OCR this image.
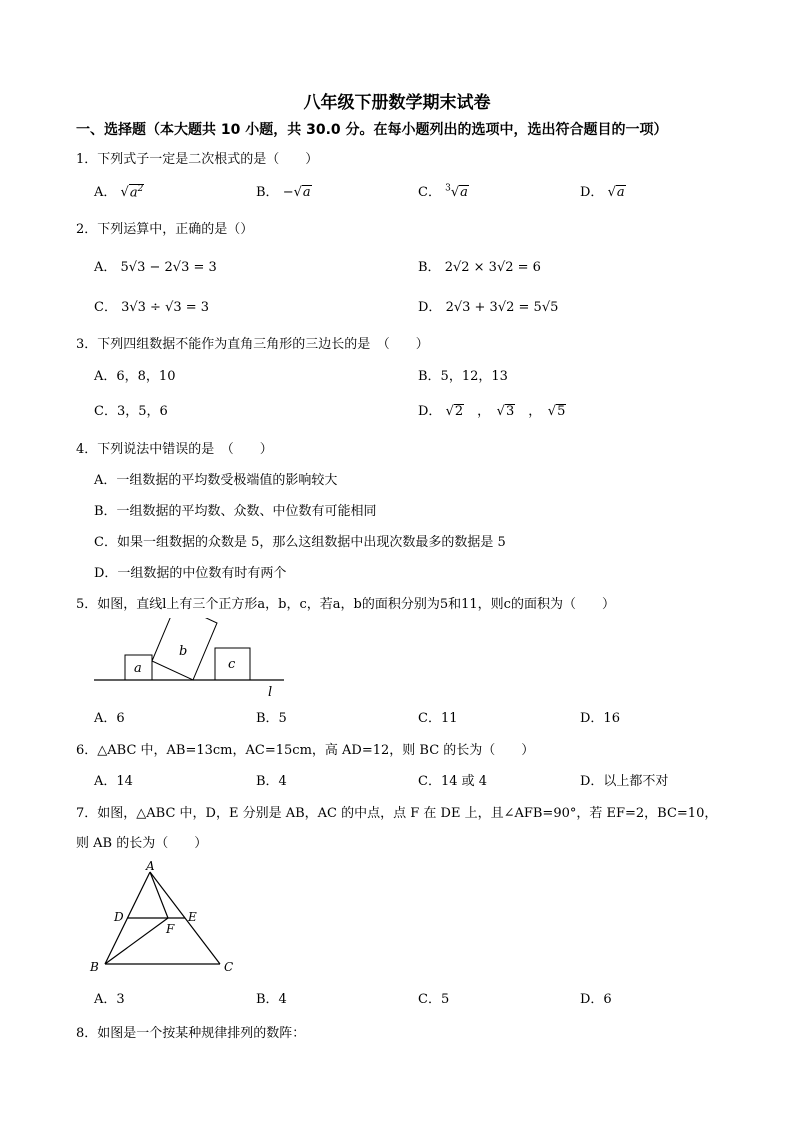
八年级下册数学期末试卷
一、选择题（本大题共 10 小题，共 30.0 分。在每小题列出的选项中，选出符合题目的一项）
1．下列式子一定是二次根式的是（　　）
A． $√a^2$	B． −√a	C． $^3$√a	D． √a
2．下列运算中，正确的是（）
A． 5√3 − 2√3 = 3	B． 2√2 × 3√2 = 6
C． 3√3 ÷ √3 = 3	D． 2√3 + 3√2 = 5√5
3．下列四组数据不能作为直角三角形的三边长的是　（　　）
A．6，8，10	B．5，12，13
C．3，5，6	D． √2　，　√3　，　√5
4．下列说法中错误的是　（　　）
A．一组数据的平均数受极端值的影响较大
B．一组数据的平均数、众数、中位数有可能相同
C．如果一组数据的众数是 5，那么这组数据中出现次数最多的数据是 5
D．一组数据的中位数有时有两个
5．如图，直线l上有三个正方形a，b，c，若a，b的面积分别为5和11，则c的面积为（　　）
a
b
c
l
A．6	B．5	C．11	D．16
6．△ABC 中，AB=13cm，AC=15cm，高 AD=12，则 BC 的长为（　　）
A．14	B．4	C．14 或 4	D．以上都不对
7．如图，△ABC 中，D，E 分别是 AB，AC 的中点，点 F 在 DE 上，且∠AFB=90°，若 EF=2，BC=10，
则 AB 的长为（　　）
A
B	C
D	E
F
A．3	B．4	C．5	D．6
8．如图是一个按某种规律排列的数阵：
